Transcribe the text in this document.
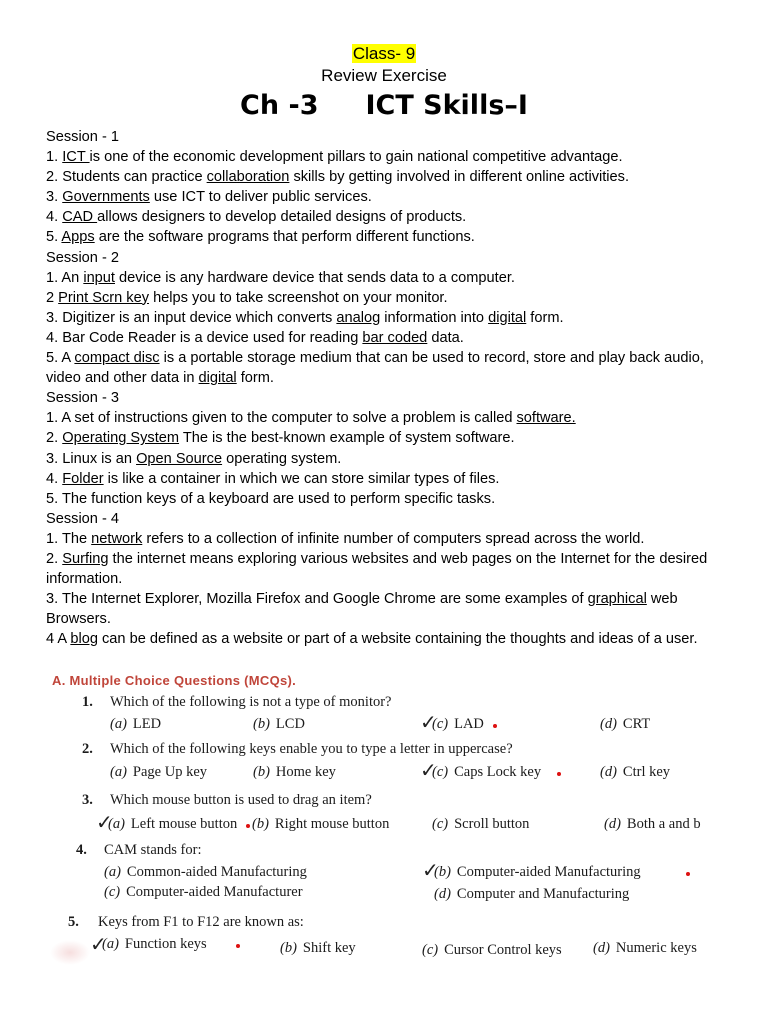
Class- 9
Review Exercise
Ch -3     ICT Skills–I
Session - 1
1. ICT is one of the economic development pillars to gain national competitive advantage.
2. Students can practice collaboration skills by getting involved in different online activities.
3. Governments use ICT to deliver public services.
4. CAD allows designers to develop detailed designs of products.
5. Apps are the software programs that perform different functions.
Session - 2
1. An input device is any hardware device that sends data to a computer.
2 Print Scrn key helps you to take screenshot on your monitor.
3. Digitizer is an input device which converts analog information into digital form.
4. Bar Code Reader is a device used for reading bar coded data.
5. A compact disc is a portable storage medium that can be used to record, store and play back audio, video and other data in digital form.
Session - 3
1. A set of instructions given to the computer to solve a problem is called software.
2. Operating System The is the best-known example of system software.
3. Linux is an Open Source operating system.
4. Folder is like a container in which we can store similar types of files.
5. The function keys of a keyboard are used to perform specific tasks.
Session - 4
1. The network refers to a collection of infinite number of computers spread across the world.
2. Surfing the internet means exploring various websites and web pages on the Internet for the desired information.
3. The Internet Explorer, Mozilla Firefox and Google Chrome are some examples of graphical web Browsers.
4 A blog can be defined as a website or part of a website containing the thoughts and ideas of a user.
A. Multiple Choice Questions (MCQs).
1. Which of the following is not a type of monitor?
(a) LED	(b) LCD	✓
(c) LAD	(d) CRT
2. Which of the following keys enable you to type a letter in uppercase?
(a) Page Up key	(b) Home key	✓
(c) Caps Lock key	(d) Ctrl key
3. Which mouse button is used to drag an item?
✓
(a) Left mouse button (b) Right mouse button	(c) Scroll button	(d) Both a and b
4. CAM stands for:
(a) Common-aided Manufacturing	✓
(b) Computer-aided Manufacturing
(c) Computer-aided Manufacturer	(d) Computer and Manufacturing
5. Keys from F1 to F12 are known as:
✓
(a) Function keys	(b) Shift key	(c) Cursor Control keys (d) Numeric keys
